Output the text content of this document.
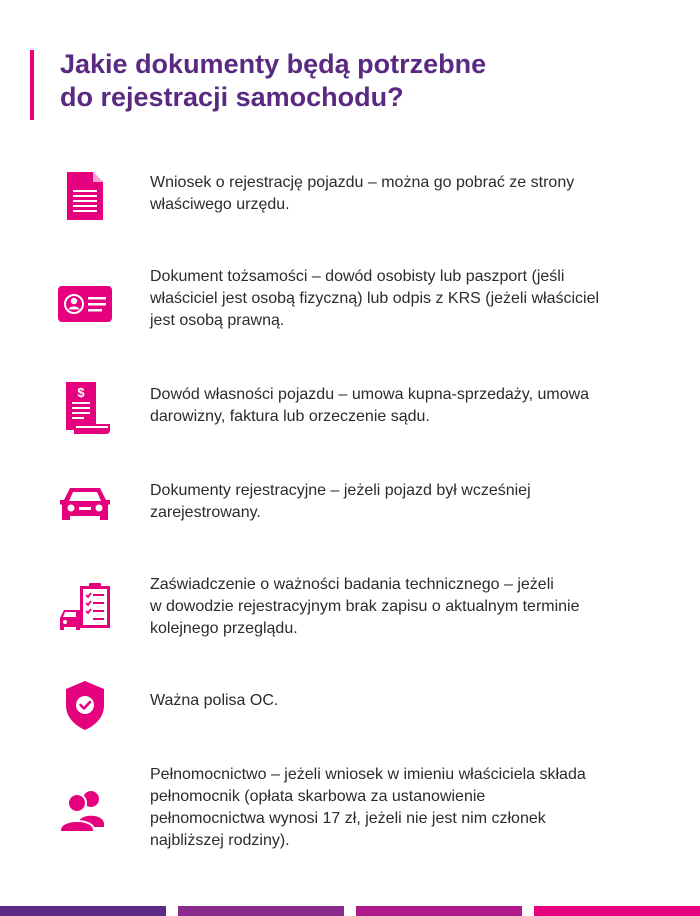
Jakie dokumenty będą potrzebne
do rejestracji samochodu?

Wniosek o rejestrację pojazdu – można go pobrać ze strony
właściwego urzędu.

Dokument tożsamości – dowód osobisty lub paszport (jeśli
właściciel jest osobą fizyczną) lub odpis z KRS (jeżeli właściciel
jest osobą prawną.

$	Dowód własności pojazdu – umowa kupna-sprzedaży, umowa
darowizny, faktura lub orzeczenie sądu.

Dokumenty rejestracyjne – jeżeli pojazd był wcześniej
zarejestrowany.

Zaświadczenie o ważności badania technicznego – jeżeli
w dowodzie rejestracyjnym brak zapisu o aktualnym terminie
kolejnego przeglądu.

Ważna polisa OC.

Pełnomocnictwo – jeżeli wniosek w imieniu właściciela składa
pełnomocnik (opłata skarbowa za ustanowienie
pełnomocnictwa wynosi 17 zł, jeżeli nie jest nim członek
najbliższej rodziny).
